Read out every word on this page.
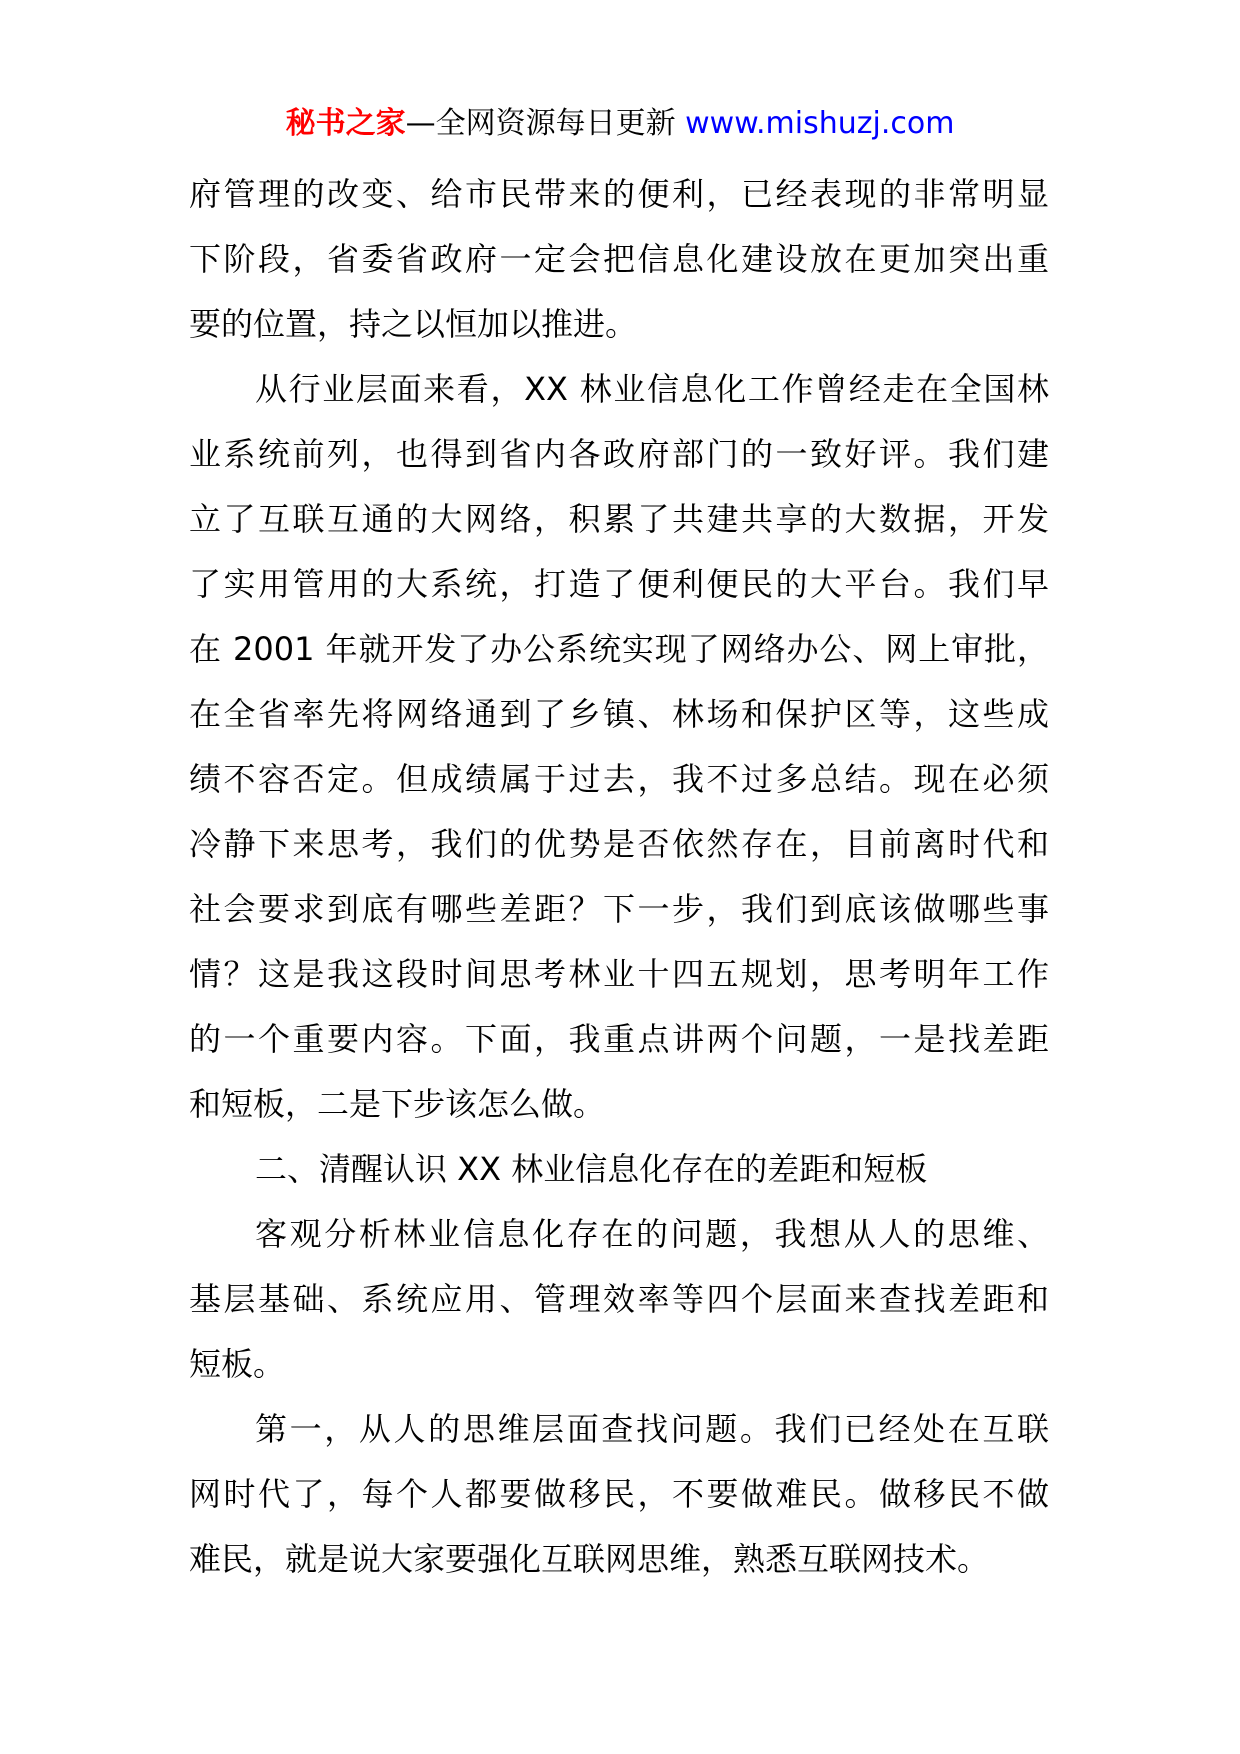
秘书之家—全网资源每日更新 www.mishuzj.com
府管理的改变、给市民带来的便利，已经表现的非常明显
下阶段，省委省政府一定会把信息化建设放在更加突出重
要的位置，持之以恒加以推进。
从行业层面来看，XX 林业信息化工作曾经走在全国林
业系统前列，也得到省内各政府部门的一致好评。我们建
立了互联互通的大网络，积累了共建共享的大数据，开发
了实用管用的大系统，打造了便利便民的大平台。我们早
在 2001 年就开发了办公系统实现了网络办公、网上审批，
在全省率先将网络通到了乡镇、林场和保护区等，这些成
绩不容否定。但成绩属于过去，我不过多总结。现在必须
冷静下来思考，我们的优势是否依然存在，目前离时代和
社会要求到底有哪些差距？下一步，我们到底该做哪些事
情？这是我这段时间思考林业十四五规划，思考明年工作
的一个重要内容。下面，我重点讲两个问题，一是找差距
和短板，二是下步该怎么做。
二、清醒认识 XX 林业信息化存在的差距和短板
客观分析林业信息化存在的问题，我想从人的思维、
基层基础、系统应用、管理效率等四个层面来查找差距和
短板。
第一，从人的思维层面查找问题。我们已经处在互联
网时代了，每个人都要做移民，不要做难民。做移民不做
难民，就是说大家要强化互联网思维，熟悉互联网技术。
